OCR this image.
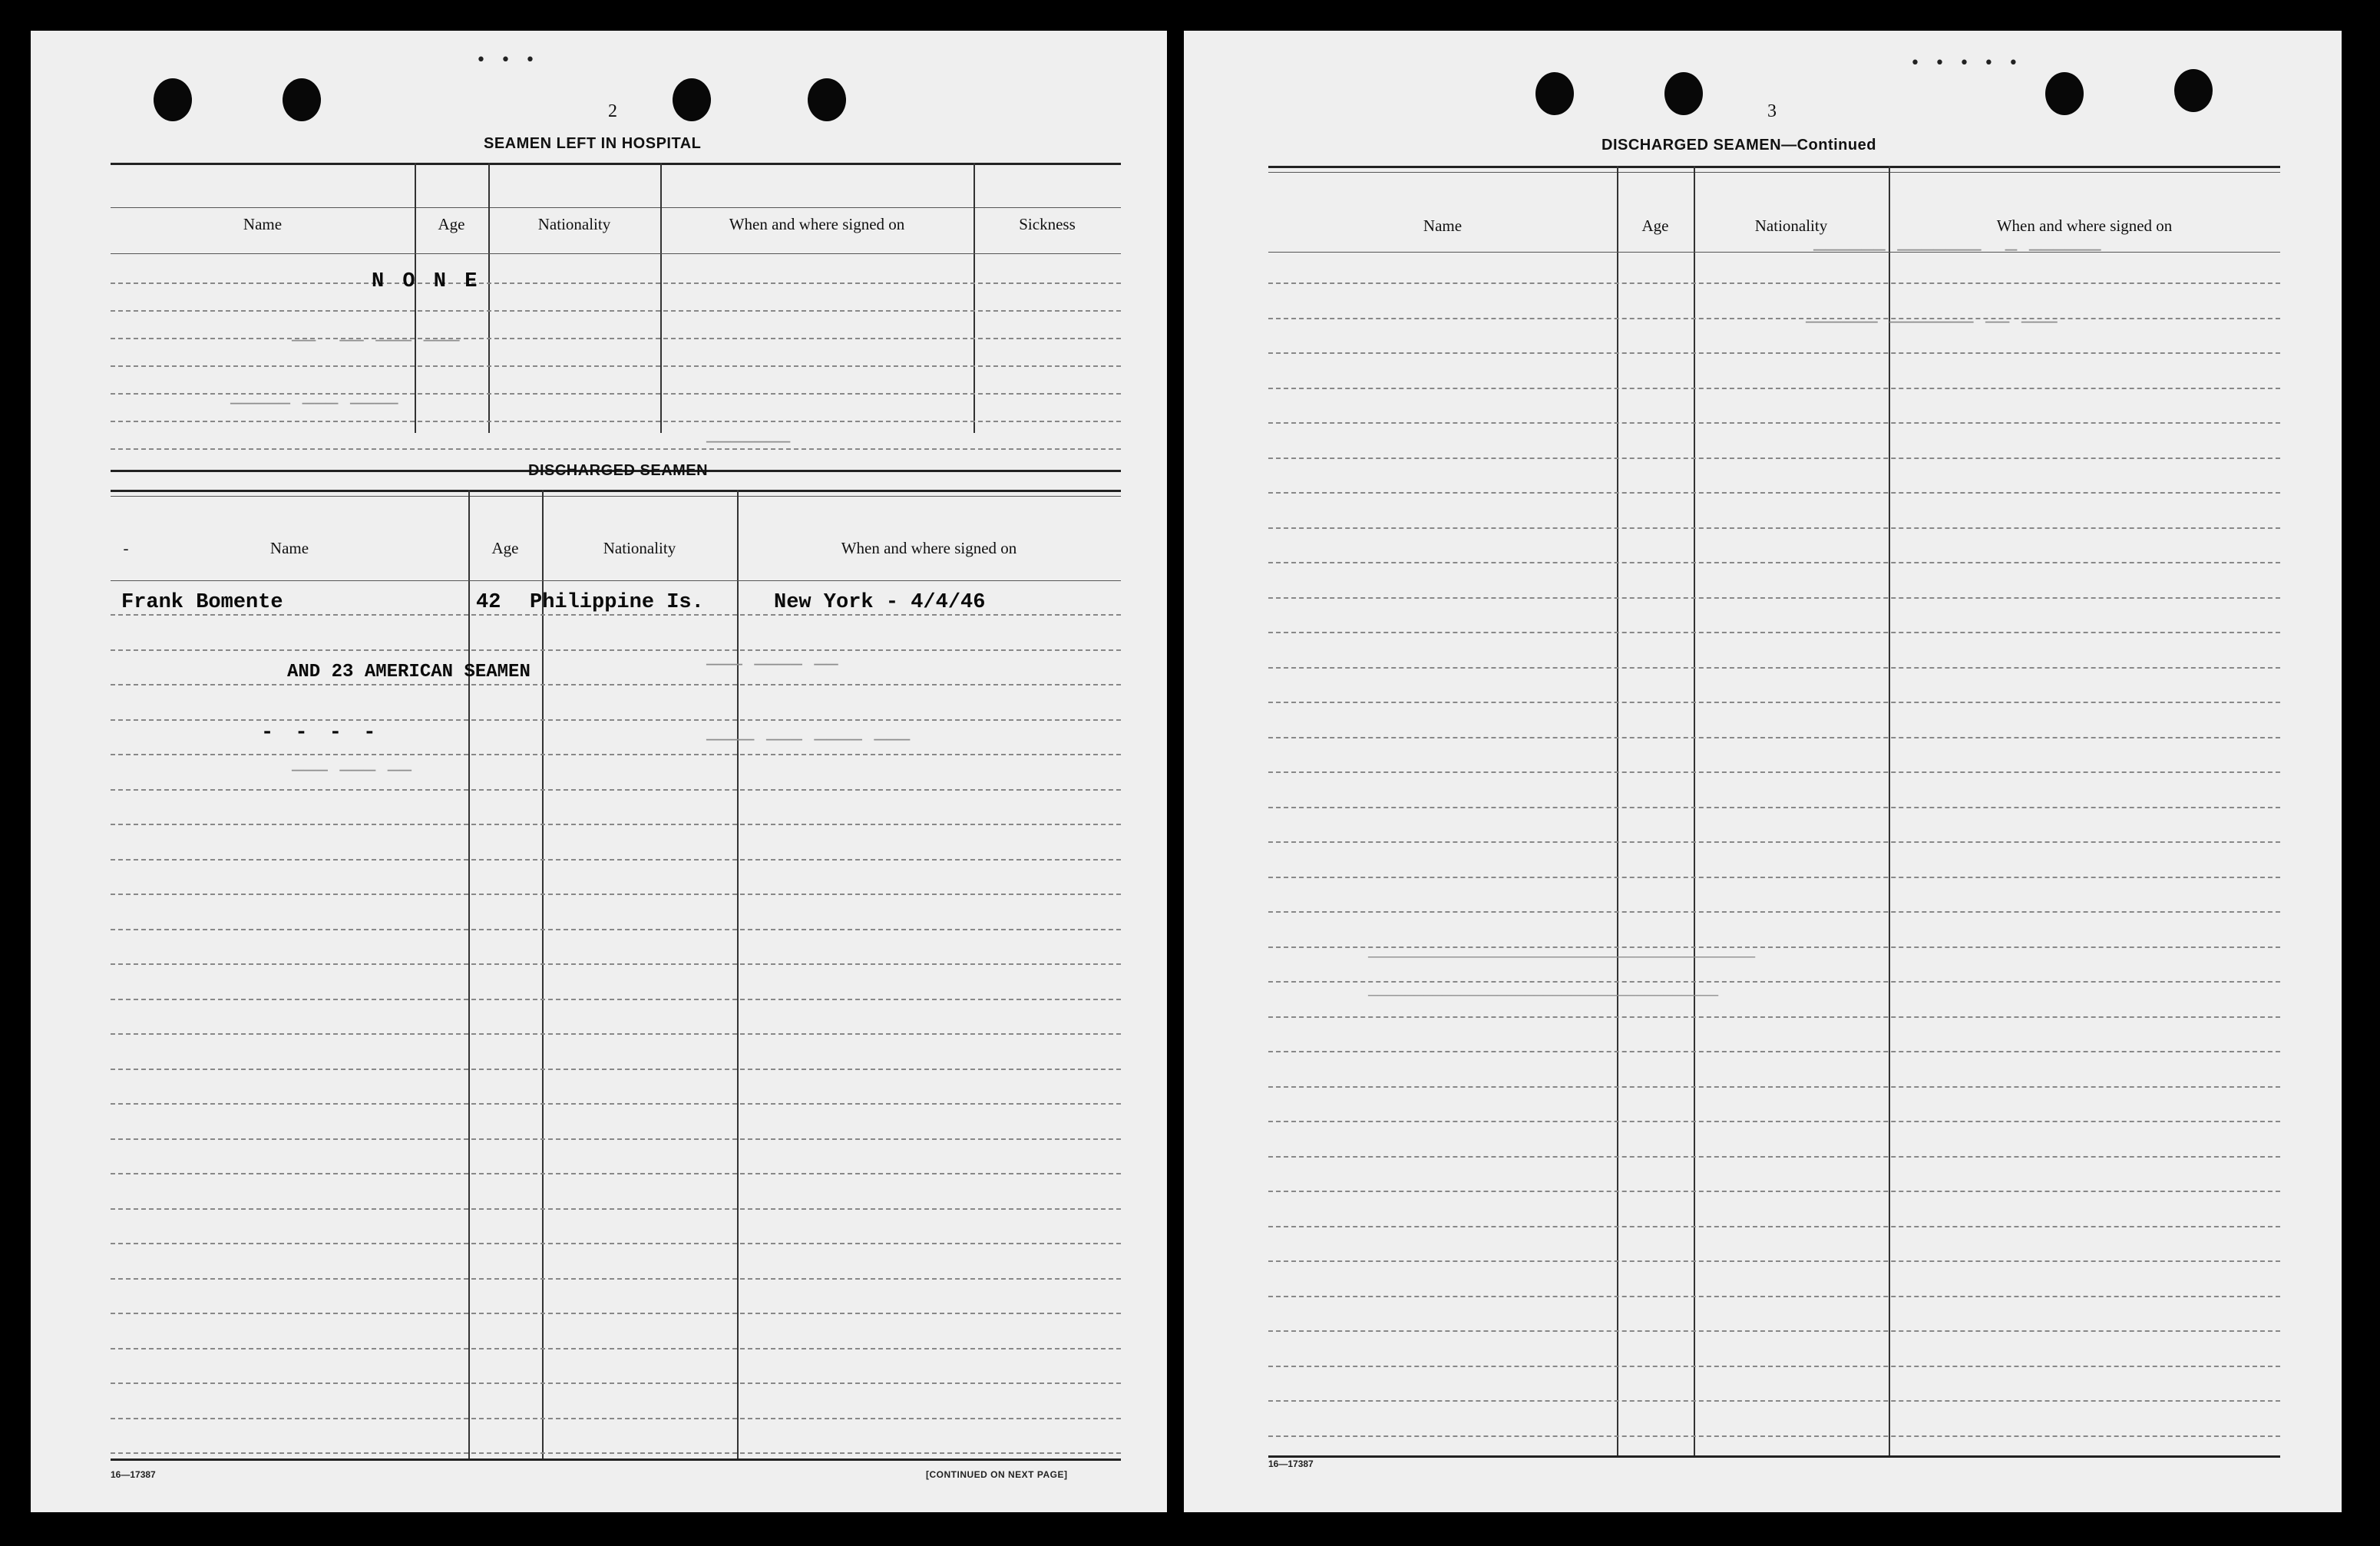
• • •
2
SEAMEN LEFT IN HOSPITAL
Name	Age	Nationality	When and where signed on	Sickness
N O N E
DISCHARGED SEAMEN
Name	Age	Nationality	When and where signed on
-
Frank Bomente	42 Philippine Is.	New York - 4/4/46
AND 23 AMERICAN SEAMEN
- - - -
——— ——— ——  ——
———— ——— —————
———————
—— ———— ———
——— ———— ——— ————
—— ——— ———
16—17387	[CONTINUED ON NEXT PAGE]
• • • • •
3
DISCHARGED SEAMEN—Continued
Name	Age	Nationality	When and where signed on
—————— —  ——————— ——————
——— —— ——————— ——————
——————————————————————————————————————————
——————————————————————————————————————
16—17387
